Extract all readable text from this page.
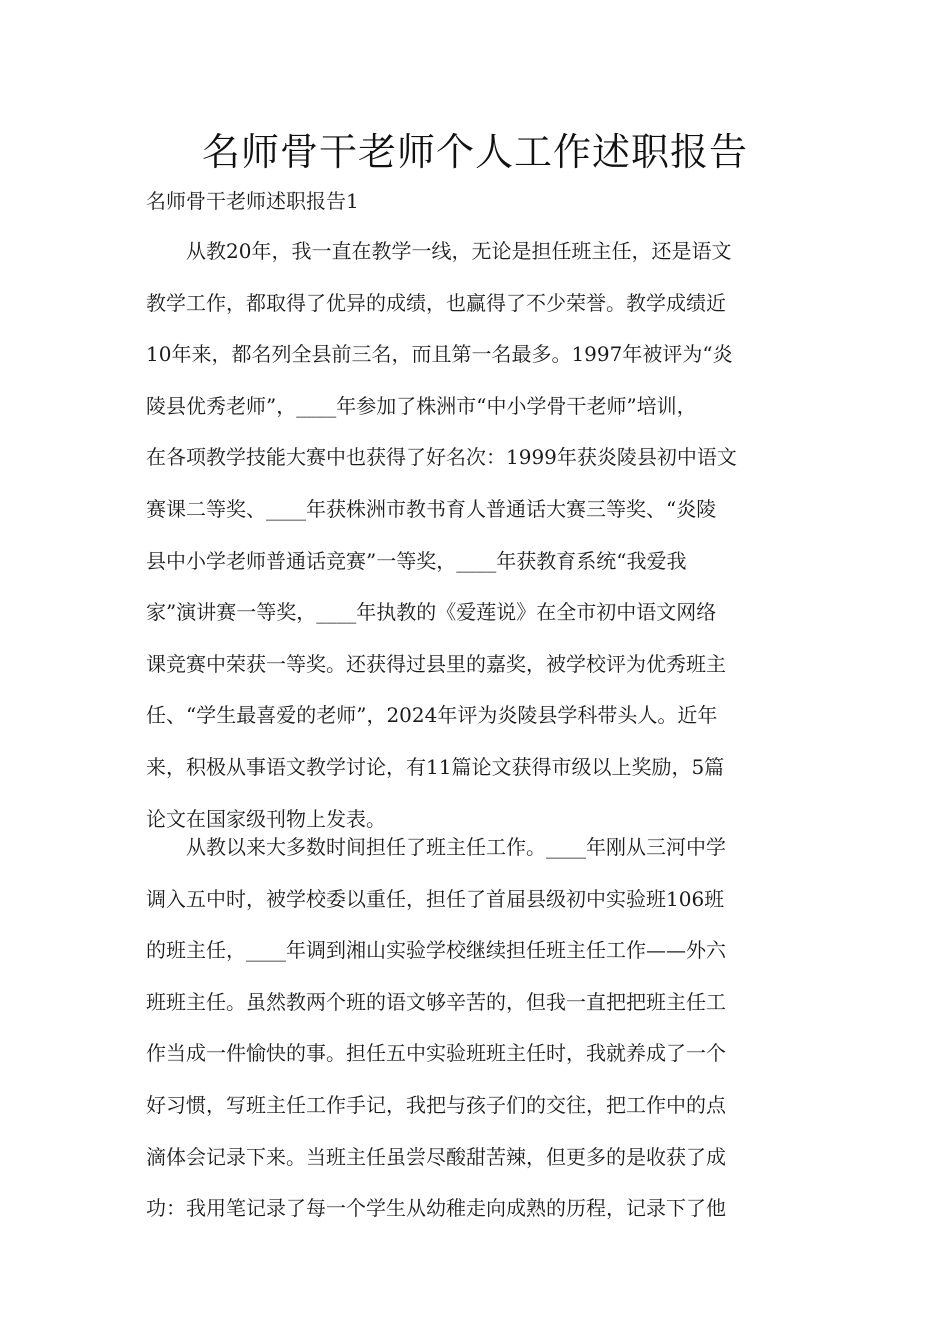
名师骨干老师个人工作述职报告

名师骨干老师述职报告1

　　从教20年，我一直在教学一线，无论是担任班主任，还是语文
教学工作，都取得了优异的成绩，也赢得了不少荣誉。教学成绩近
10年来，都名列全县前三名，而且第一名最多。1997年被评为“炎
陵县优秀老师”，____年参加了株洲市“中小学骨干老师”培训，
在各项教学技能大赛中也获得了好名次：1999年获炎陵县初中语文
赛课二等奖、____年获株洲市教书育人普通话大赛三等奖、“炎陵
县中小学老师普通话竞赛”一等奖，____年获教育系统“我爱我
家”演讲赛一等奖，____年执教的《爱莲说》在全市初中语文网络
课竞赛中荣获一等奖。还获得过县里的嘉奖，被学校评为优秀班主
任、“学生最喜爱的老师”，2024年评为炎陵县学科带头人。近年
来，积极从事语文教学讨论，有11篇论文获得市级以上奖励，5篇
论文在国家级刊物上发表。

　　从教以来大多数时间担任了班主任工作。____年刚从三河中学
调入五中时，被学校委以重任，担任了首届县级初中实验班106班
的班主任，____年调到湘山实验学校继续担任班主任工作——外六
班班主任。虽然教两个班的语文够辛苦的，但我一直把把班主任工
作当成一件愉快的事。担任五中实验班班主任时，我就养成了一个
好习惯，写班主任工作手记，我把与孩子们的交往，把工作中的点
滴体会记录下来。当班主任虽尝尽酸甜苦辣，但更多的是收获了成
功：我用笔记录了每一个学生从幼稚走向成熟的历程，记录下了他
